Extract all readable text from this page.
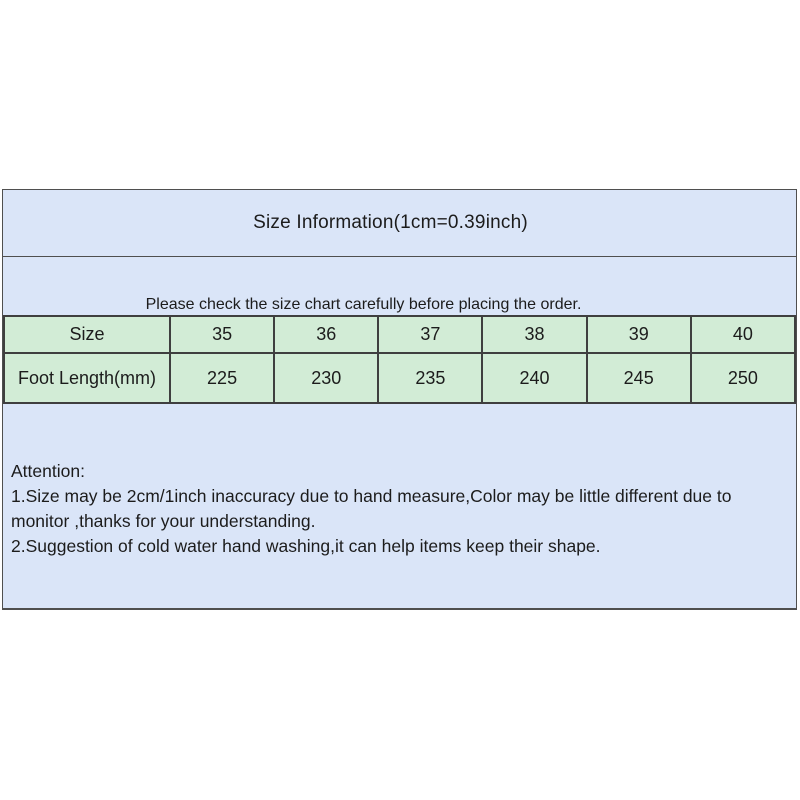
Size Information(1cm=0.39inch)
Please check the size chart carefully before placing the order.
Size	35	36	37	38	39	40
Foot Length(mm)	225	230	235	240	245	250
Attention:
1.Size may be 2cm/1inch inaccuracy due to hand measure,Color may be little different due to monitor ,thanks for your understanding.
2.Suggestion of cold water hand washing,it can help items keep their shape.
